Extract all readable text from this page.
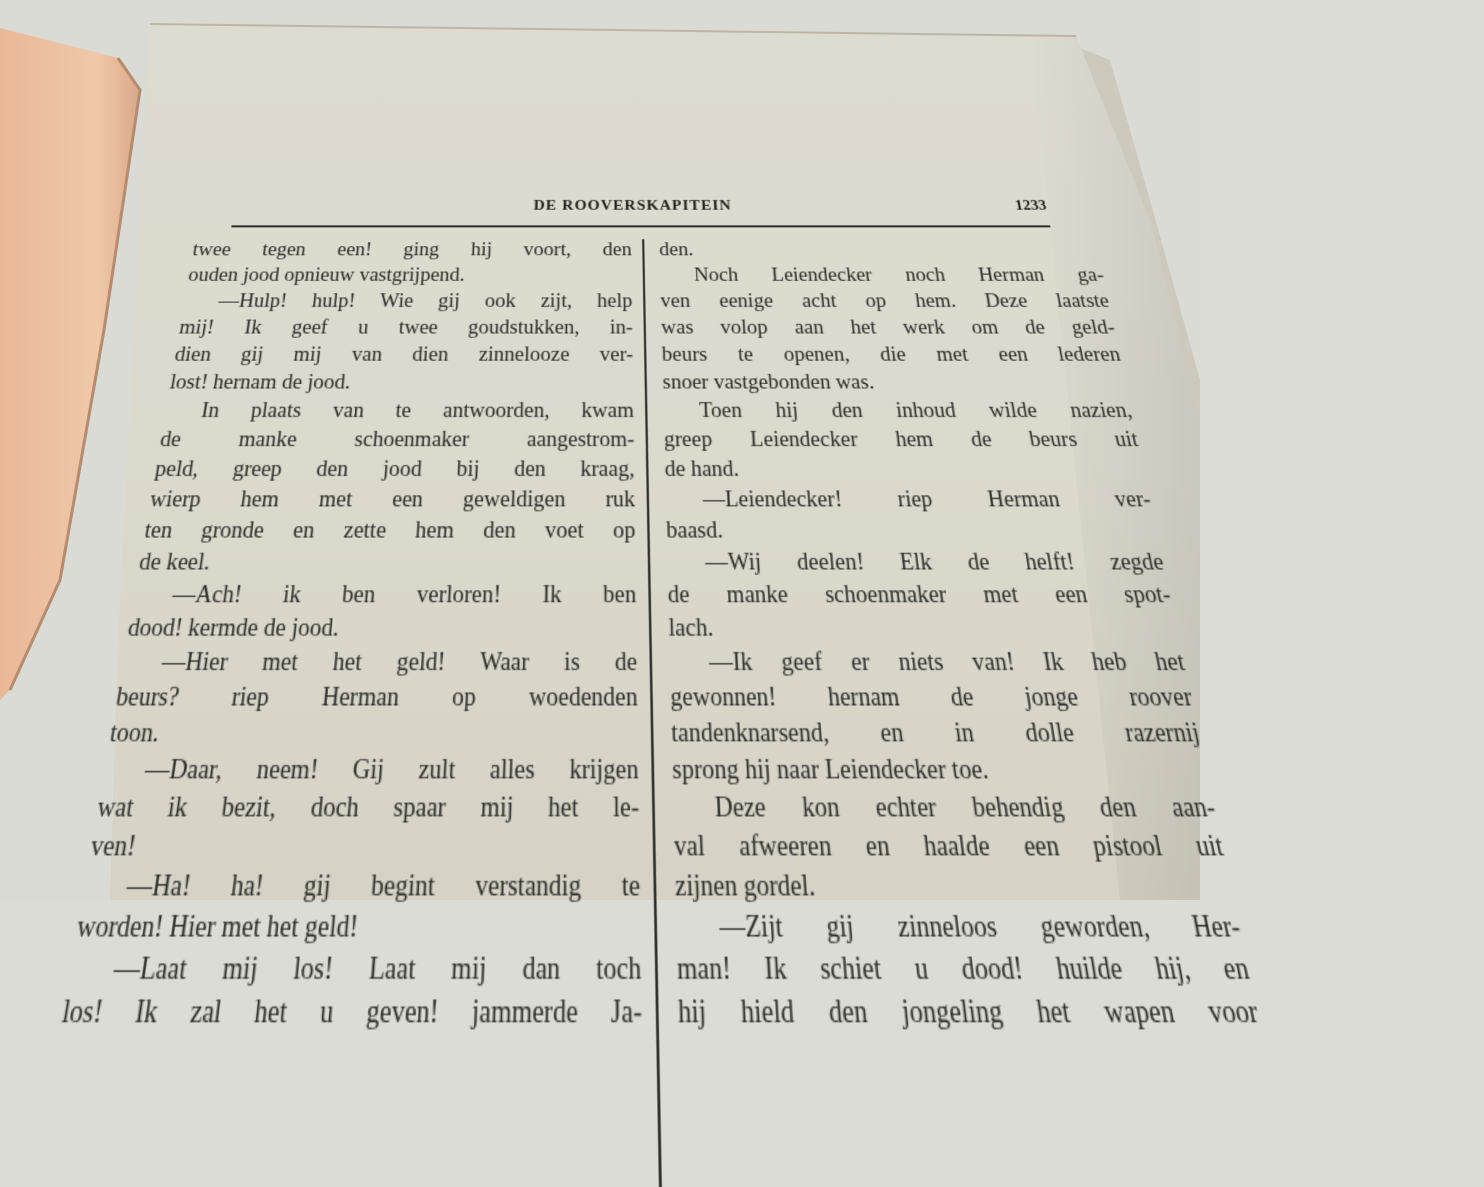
DE ROOVERSKAPITEIN	1233
twee tegen een! ging hij voort, den
ouden jood opnieuw vastgrijpend.
—Hulp! hulp! Wie gij ook zijt, help
mij! Ik geef u twee goudstukken, in-
dien gij mij van dien zinneloozе ver-
lost! hernam de jood.
In plaats van te antwoorden, kwam
de manke schoenmaker aangestrom-
peld, greep den jood bij den kraag,
wierp hem met een geweldigen ruk
ten gronde en zette hem den voet op
de keel.
—Ach! ik ben verloren! Ik ben
dood! kermde de jood.
—Hier met het geld! Waar is de
beurs? riep Herman op woedenden
toon.
—Daar, neem! Gij zult alles krijgen
wat ik bezit, doch spaar mij het le-
ven!
—Ha! ha! gij begint verstandig te
worden! Hier met het geld!
—Laat mij los! Laat mij dan toch
los! Ik zal het u geven! jammerde Ja-
den.
Noch Leiendecker noch Herman ga-
ven eenige acht op hem. Deze laatste
was volop aan het werk om de geld-
beurs te openen, die met een lederen
snoer vastgebonden was.
Toen hij den inhoud wilde nazien,
greep Leiendecker hem de beurs uit
de hand.
—Leiendecker! riep Herman ver-
baasd.
—Wij deelen! Elk de helft! zegde
de manke schoenmaker met een spot-
lach.
—Ik geef er niets van! Ik heb het
gewonnen! hernam de jonge roover
tandenknarsend, en in dolle razernij
sprong hij naar Leiendecker toe.
Deze kon echter behendig den aan-
val afweeren en haalde een pistool uit
zijnen gordel.
—Zijt gij zinneloos geworden, Her-
man! Ik schiet u dood! huilde hij, en
hij hield den jongeling het wapen voor
